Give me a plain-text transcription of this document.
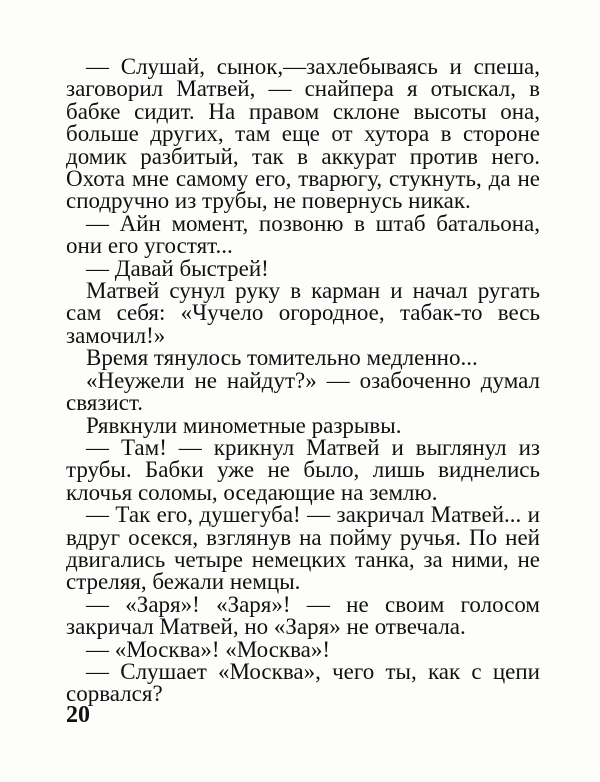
— Слушай, сынок,—захлебываясь и спеша, заговорил Матвей, — снайпера я отыскал, в бабке сидит. На правом склоне высоты она, больше других, там еще от хутора в стороне домик разбитый, так в аккурат против него. Охота мне самому его, тварюгу, стукнуть, да не сподручно из трубы, не повернусь никак.

— Айн момент, позвоню в штаб батальона, они его угостят...

— Давай быстрей!

Матвей сунул руку в карман и начал ругать сам себя: «Чучело огородное, табак-то весь замочил!»

Время тянулось томительно медленно...

«Неужели не найдут?» — озабоченно думал связист.

Рявкнули минометные разрывы.

— Там! — крикнул Матвей и выглянул из трубы. Бабки уже не было, лишь виднелись клочья соломы, оседающие на землю.

— Так его, душегуба! — закричал Матвей... и вдруг осекся, взглянув на пойму ручья. По ней двигались четыре немецких танка, за ними, не стреляя, бежали немцы.

— «Заря»! «Заря»! — не своим голосом закричал Матвей, но «Заря» не отвечала.

— «Москва»! «Москва»!

— Слушает «Москва», чего ты, как с цепи сорвался?

20
